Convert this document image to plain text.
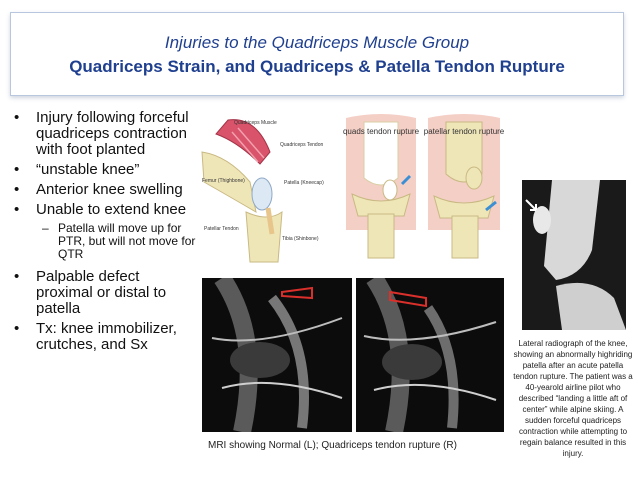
Injuries to the Quadriceps Muscle Group
Quadriceps Strain, and Quadriceps & Patella Tendon Rupture
• Injury following forceful quadriceps contraction with foot planted
• “unstable knee”
• Anterior knee swelling
• Unable to extend knee
– Patella will move up for PTR, but will not move for QTR
• Palpable defect proximal or distal to patella
• Tx: knee immobilizer, crutches, and Sx
Quadriceps Muscle
Quadriceps Tendon
Femur (Thighbone)	Patella (Kneecap)
Patellar Tendon
Tibia (Shinbone)
quads tendon rupture patellar tendon rupture
MRI showing Normal (L); Quadriceps tendon rupture (R)
Lateral radiograph of the knee, showing an abnormally highriding patella after an acute patella tendon rupture. The patient was a 40-yearold airline pilot who described “landing a little aft of center” while alpine skiing. A sudden forceful quadriceps contraction while attempting to regain balance resulted in this injury.
